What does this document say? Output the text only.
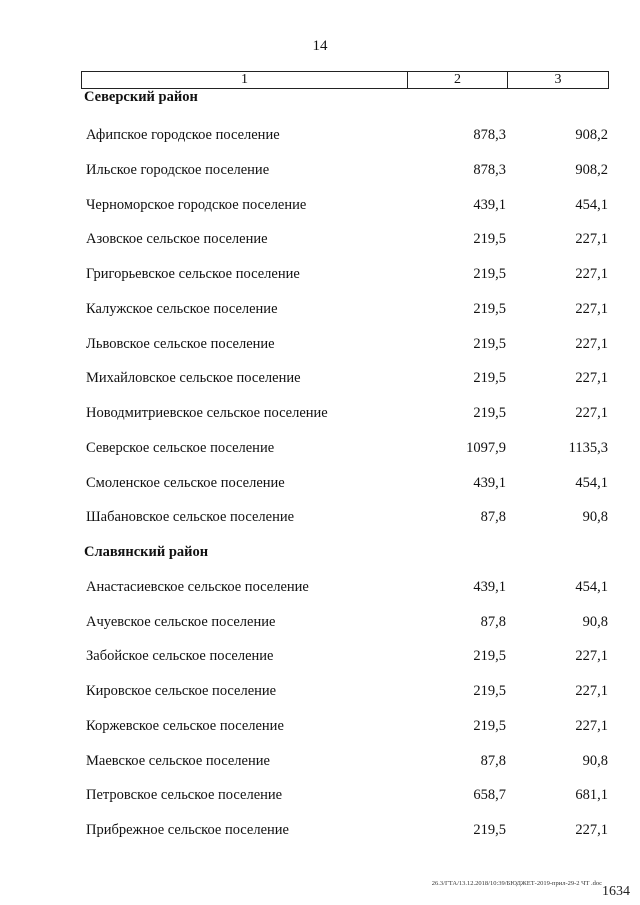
14
1	2	3
Северский район
Афипское городское поселение	878,3	908,2
Ильское городское поселение	878,3	908,2
Черноморское городское поселение	439,1	454,1
Азовское сельское поселение	219,5	227,1
Григорьевское сельское поселение	219,5	227,1
Калужское сельское поселение	219,5	227,1
Львовское сельское поселение	219,5	227,1
Михайловское сельское поселение	219,5	227,1
Новодмитриевское сельское поселение	219,5	227,1
Северское сельское поселение	1097,9	1135,3
Смоленское сельское поселение	439,1	454,1
Шабановское сельское поселение	87,8	90,8
Славянский район
Анастасиевское сельское поселение	439,1	454,1
Ачуевское сельское поселение	87,8	90,8
Забойское сельское поселение	219,5	227,1
Кировское сельское поселение	219,5	227,1
Коржевское сельское поселение	219,5	227,1
Маевское сельское поселение	87,8	90,8
Петровское сельское поселение	658,7	681,1
Прибрежное сельское поселение	219,5	227,1
26.3/ГТА/13.12.2018/10:39/БЮДЖЕТ-2019-прил-29-2 ЧТ .doc
1634
